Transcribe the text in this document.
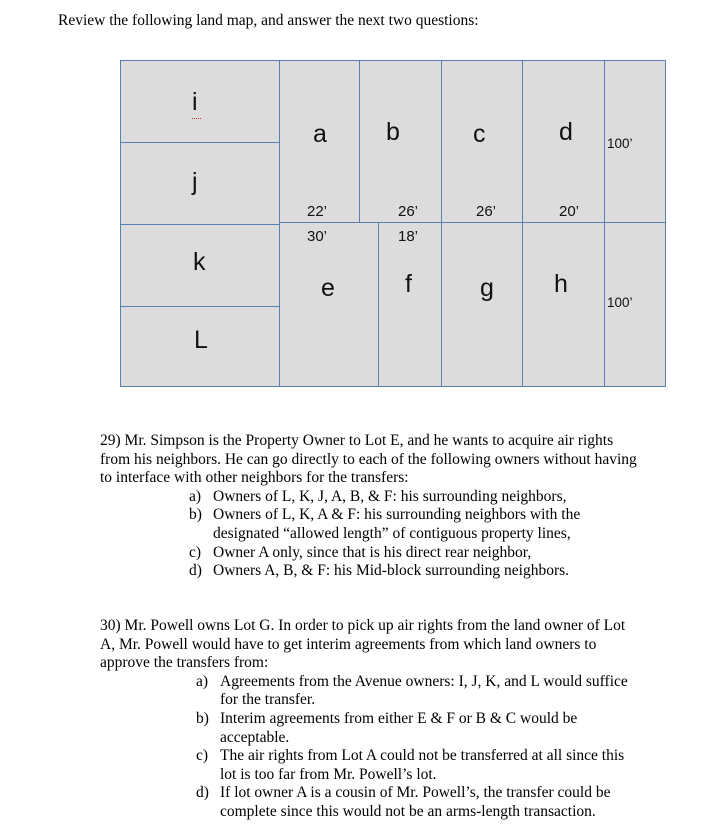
Review the following land map, and answer the next two questions:
i
j
k
L
a b	c	d
e	f	g h
22’	26’	26’	20’
30’	18’
100’
100’

29) Mr. Simpson is the Property Owner to Lot E, and he wants to acquire air rights from his neighbors. He can go directly to each of the following owners without having to interface with other neighbors for the transfers:

a) Owners of L, K, J, A, B, & F: his surrounding neighbors,
b) Owners of L, K, A & F: his surrounding neighbors with the designated “allowed length” of contiguous property lines,
c) Owner A only, since that is his direct rear neighbor,
d) Owners A, B, & F: his Mid-block surrounding neighbors.

30) Mr. Powell owns Lot G. In order to pick up air rights from the land owner of Lot A, Mr. Powell would have to get interim agreements from which land owners to approve the transfers from:

a) Agreements from the Avenue owners: I, J, K, and L would suffice for the transfer.
b) Interim agreements from either E & F or B & C would be acceptable.
c) The air rights from Lot A could not be transferred at all since this lot is too far from Mr. Powell’s lot.
d) If lot owner A is a cousin of Mr. Powell’s, the transfer could be complete since this would not be an arms-length transaction.
